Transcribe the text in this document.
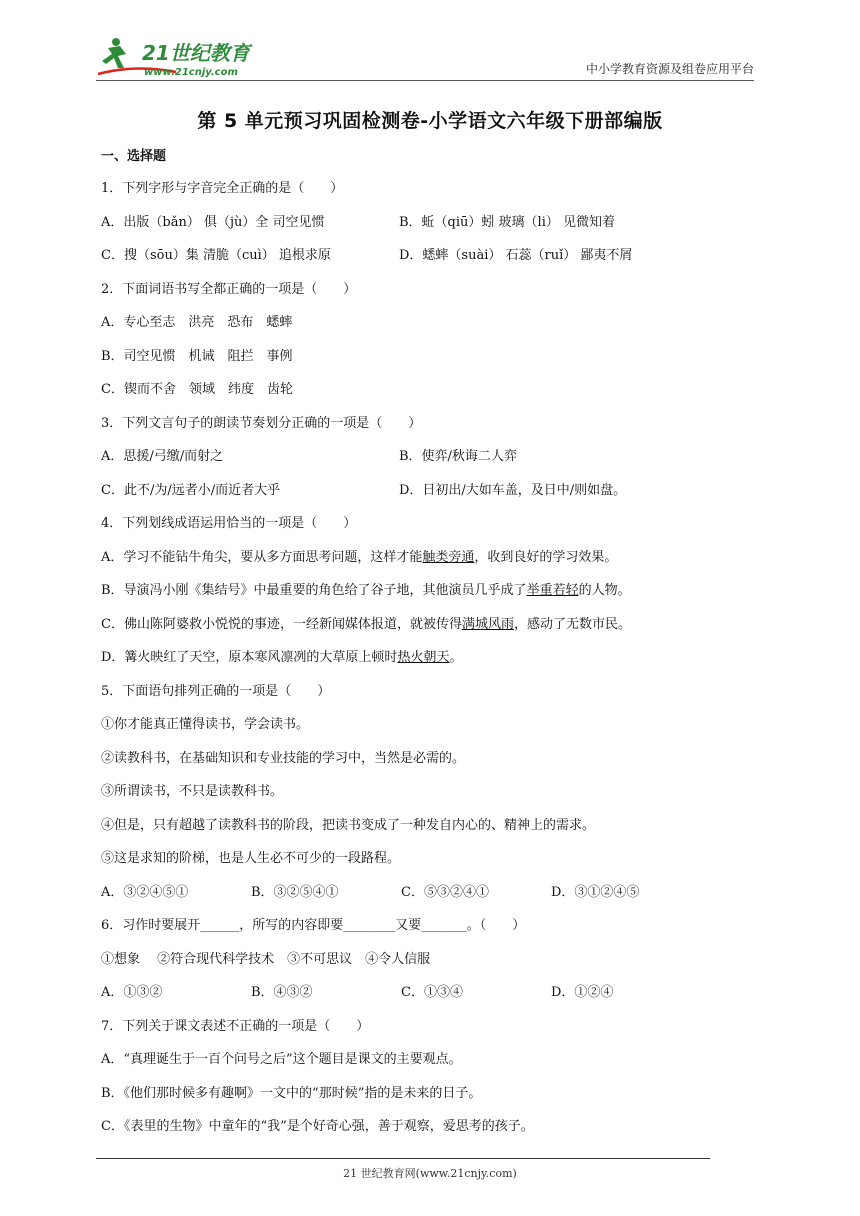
21世纪教育
www.21cnjy.com	中小学教育资源及组卷应用平台
第 5 单元预习巩固检测卷-小学语文六年级下册部编版
一、选择题
1．下列字形与字音完全正确的是（　　）
A．出版（bǎn） 俱（jù）全 司空见惯	B．蚯（qiū）蚓 玻璃（li） 见微知着
C．搜（sōu）集 清脆（cuì） 追根求原	D．蟋蟀（suài） 石蕊（ruǐ） 鄙夷不屑
2．下面词语书写全都正确的一项是（　　）
A．专心至志　洪亮　恐布　蟋蟀
B．司空见惯　机诫　阻拦　事例
C．锲而不舍　领域　纬度　齿轮
3．下列文言句子的朗读节奏划分正确的一项是（　　）
A．思援/弓缴/而射之	B．使弈/秋诲二人弈
C．此不/为/远者小/而近者大乎	D．日初出/大如车盖，及日中/则如盘。
4．下列划线成语运用恰当的一项是（　　）
A．学习不能钻牛角尖，要从多方面思考问题，这样才能触类旁通，收到良好的学习效果。
B．导演冯小刚《集结号》中最重要的角色给了谷子地，其他演员几乎成了举重若轻的人物。
C．佛山陈阿婆救小悦悦的事迹，一经新闻媒体报道，就被传得满城风雨，感动了无数市民。
D．篝火映红了天空，原本寒风凛冽的大草原上顿时热火朝天。
5．下面语句排列正确的一项是（　　）
①你才能真正懂得读书，学会读书。
②读教科书，在基础知识和专业技能的学习中，当然是必需的。
③所谓读书，不只是读教科书。
④但是，只有超越了读教科书的阶段，把读书变成了一种发自内心的、精神上的需求。
⑤这是求知的阶梯，也是人生必不可少的一段路程。
A．③②④⑤①	B．③②⑤④①	C．⑤③②④①	D．③①②④⑤
6．习作时要展开______，所写的内容即要________又要_______。（　　）
①想象　 ②符合现代科学技术　③不可思议　④令人信服
A．①③②	B．④③②	C．①③④	D．①②④
7．下列关于课文表述不正确的一项是（　　）
A．“真理诞生于一百个问号之后”这个题目是课文的主要观点。
B．《他们那时候多有趣啊》一文中的“那时候”指的是未来的日子。
C．《表里的生物》中童年的“我”是个好奇心强，善于观察，爱思考的孩子。
21 世纪教育网(www.21cnjy.com)
